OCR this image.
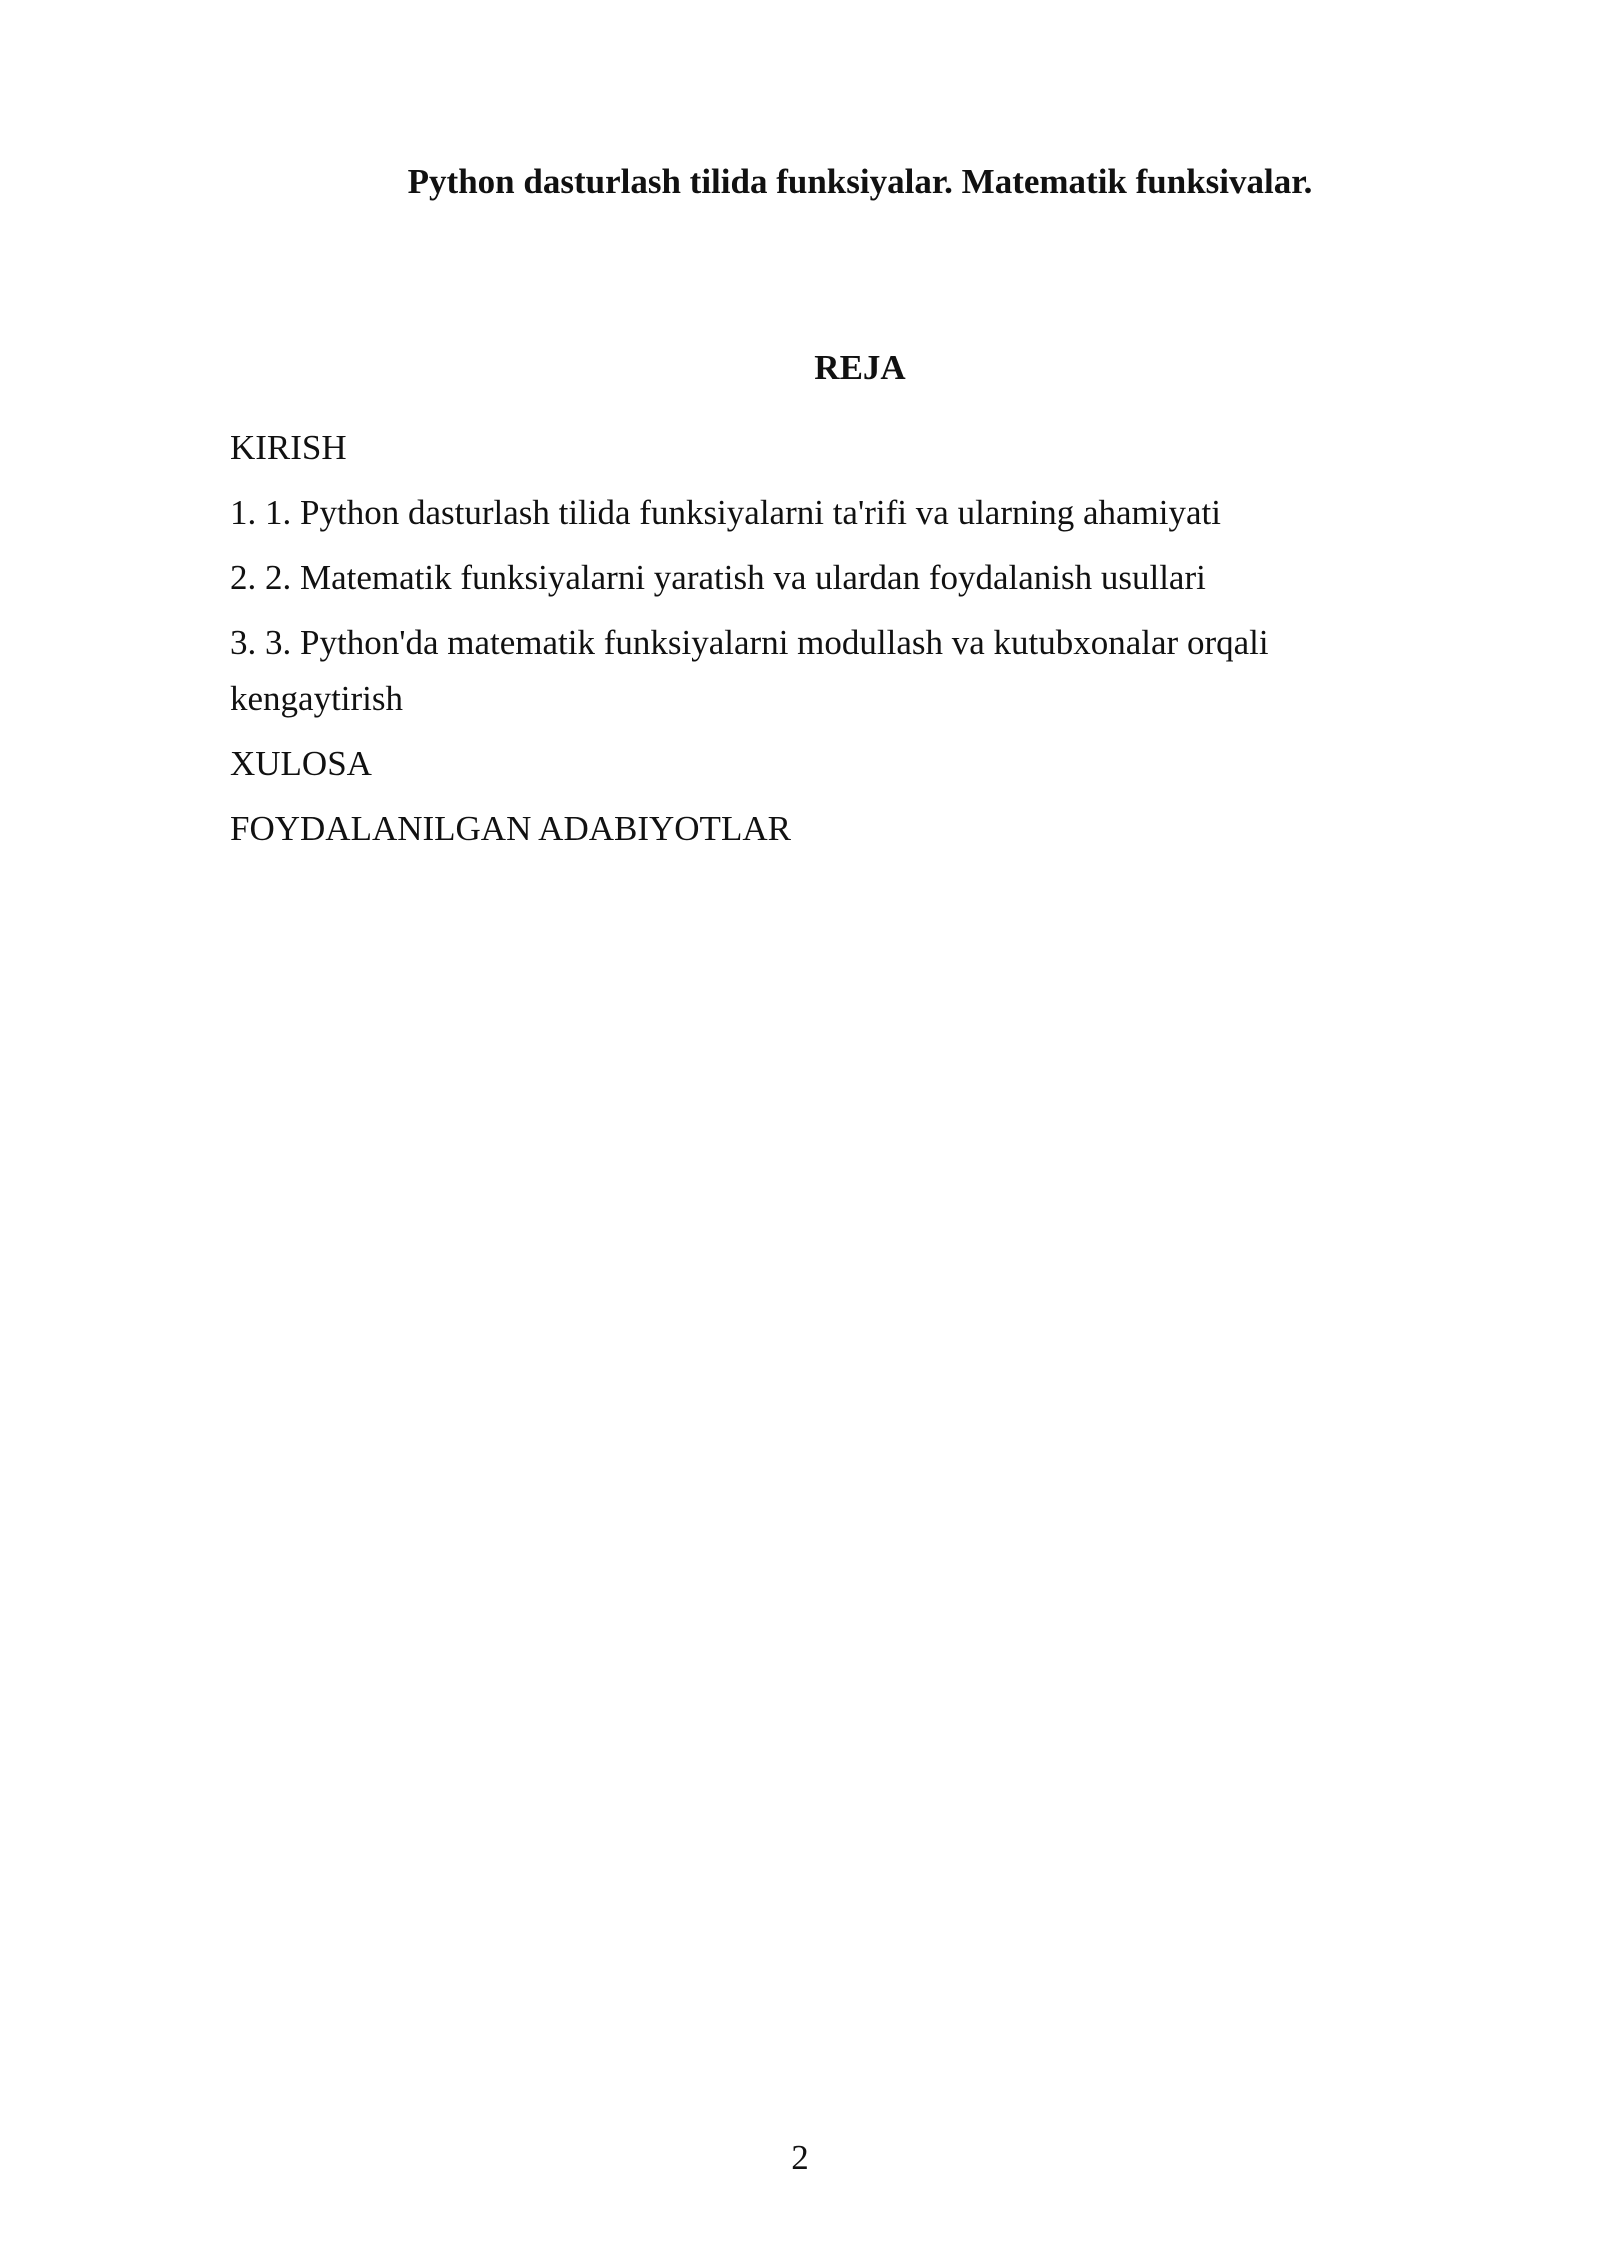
Python dasturlash tilida funksiyalar. Matematik funksivalar.
REJA
KIRISH
1. 1. Python dasturlash tilida funksiyalarni ta'rifi va ularning ahamiyati
2. 2. Matematik funksiyalarni yaratish va ulardan foydalanish usullari
3. 3. Python'da matematik funksiyalarni modullash va kutubxonalar orqali kengaytirish
XULOSA
FOYDALANILGAN ADABIYOTLAR
2
